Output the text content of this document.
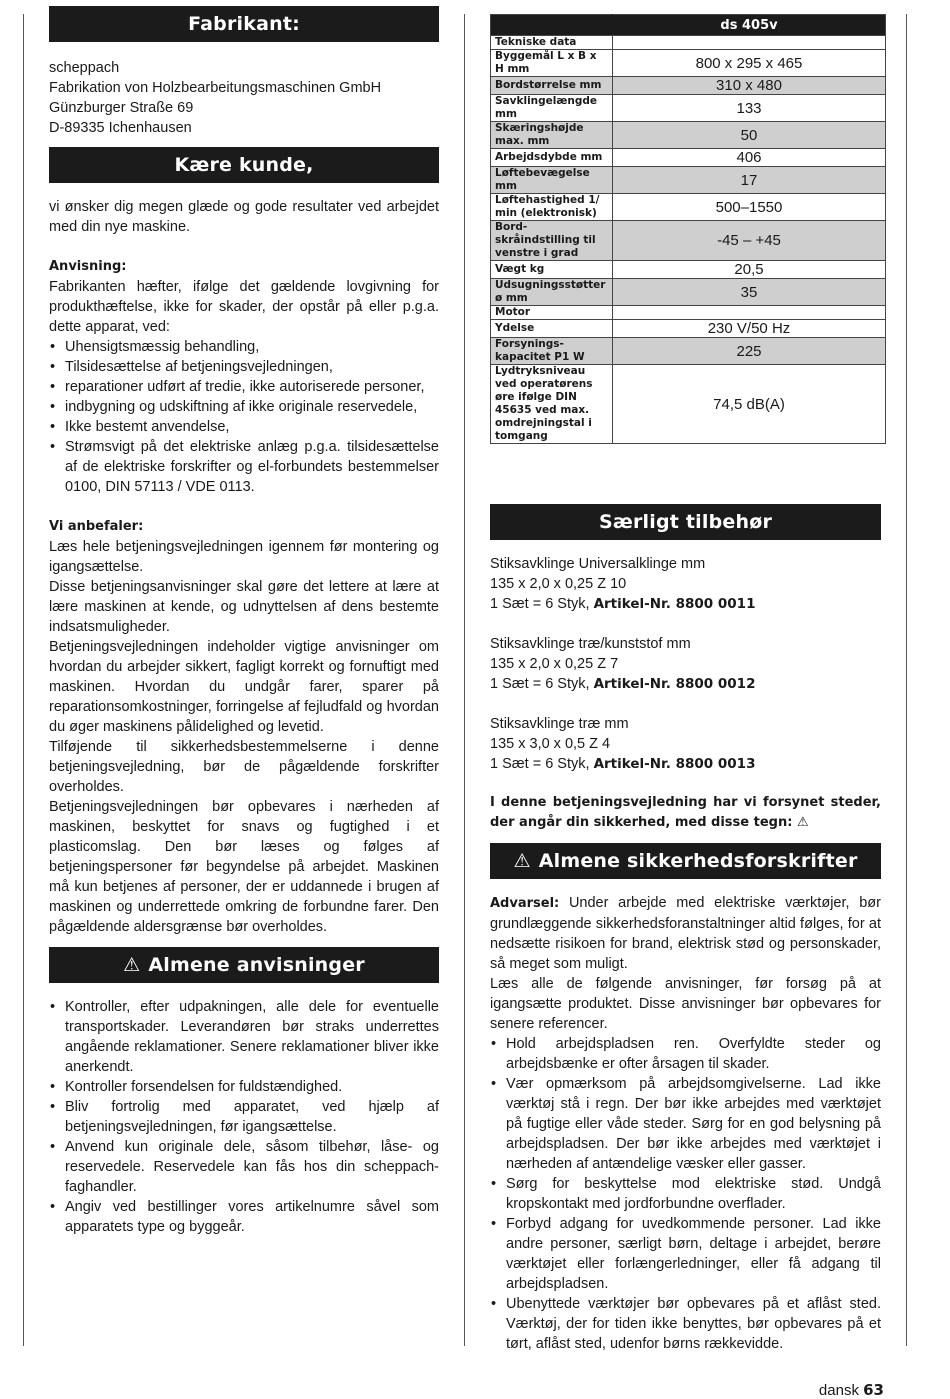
Fabrikant:

scheppach

Fabrikation von Holzbearbeitungsmaschinen GmbH

Günzburger Straße 69

D-89335 Ichenhausen

Kære kunde,

vi ønsker dig megen glæde og gode resultater ved arbejdet med din nye maskine.

Anvisning:

Fabrikanten hæfter, ifølge det gældende lovgivning for produkthæftelse, ikke for skader, der opstår på eller p.g.a. dette apparat, ved:

• Uhensigtsmæssig behandling,
• Tilsidesættelse af betjeningsvejledningen,
• reparationer udført af tredie, ikke autoriserede personer,
• indbygning og udskiftning af ikke originale reservedele,
• Ikke bestemt anvendelse,
• Strømsvigt på det elektriske anlæg p.g.a. tilsidesættelse af de elektriske forskrifter og el-forbundets bestemmelser 0100, DIN 57113 / VDE 0113.
Vi anbefaler:

Læs hele betjeningsvejledningen igennem før montering og igangsættelse.

Disse betjeningsanvisninger skal gøre det lettere at lære at lære maskinen at kende, og udnyttelsen af dens bestemte indsatsmuligheder.

Betjeningsvejledningen indeholder vigtige anvisninger om hvordan du arbejder sikkert, fagligt korrekt og fornuftigt med maskinen. Hvordan du undgår farer, sparer på reparationsomkostninger, forringelse af fejludfald og hvordan du øger maskinens pålidelighed og levetid.

Tilføjende til sikkerhedsbestemmelserne i denne betjeningsvejledning, bør de pågældende forskrifter overholdes.

Betjeningsvejledningen bør opbevares i nærheden af maskinen, beskyttet for snavs og fugtighed i et plasticomslag. Den bør læses og følges af betjeningspersoner før begyndelse på arbejdet. Maskinen må kun betjenes af personer, der er uddannede i brugen af maskinen og underrettede omkring de forbundne farer. Den pågældende aldersgrænse bør overholdes.

⚠ Almene anvisninger
• Kontroller, efter udpakningen, alle dele for eventuelle transportskader. Leverandøren bør straks underrettes angående reklamationer. Senere reklamationer bliver ikke anerkendt.
• Kontroller forsendelsen for fuldstændighed.
• Bliv fortrolig med apparatet, ved hjælp af betjeningsvejledningen, før igangsættelse.
• Anvend kun originale dele, såsom tilbehør, låse- og reservedele. Reservedele kan fås hos din scheppach-faghandler.
• Angiv ved bestillinger vores artikelnumre såvel som apparatets type og byggeår.
	ds 405v
Tekniske data	
Byggemål L x B x H mm	800 x 295 x 465
Bordstørrelse mm	310 x 480
Savklingelængde mm	133
Skæringshøjde max. mm	50
Arbejdsdybde mm	406
Løftebevægelse mm	17
Løftehastighed 1/ min (elektronisk)	500–1550
Bord- skråindstilling til venstre i grad	-45 – +45
Vægt kg	20,5
Udsugningsstøtter ø mm	35
Motor	
Ydelse	230 V/50 Hz
Forsynings- kapacitet P1 W	225
Lydtryksniveau ved operatørens øre ifølge DIN 45635 ved max. omdrejningstal i tomgang	74,5 dB(A)
Særligt tilbehør

Stiksavklinge Universalklinge mm

135 x 2,0 x 0,25 Z 10

1 Sæt = 6 Styk, Artikel-Nr. 8800 0011

Stiksavklinge træ/kunststof mm

135 x 2,0 x 0,25 Z 7

1 Sæt = 6 Styk, Artikel-Nr. 8800 0012

Stiksavklinge træ mm

135 x 3,0 x 0,5 Z 4

1 Sæt = 6 Styk, Artikel-Nr. 8800 0013

I denne betjeningsvejledning har vi forsynet steder, der angår din sikkerhed, med disse tegn: ⚠

⚠ Almene sikkerhedsforskrifter

Advarsel: Under arbejde med elektriske værktøjer, bør grundlæggende sikkerhedsforanstaltninger altid følges, for at nedsætte risikoen for brand, elektrisk stød og personskader, så meget som muligt.

Læs alle de følgende anvisninger, før forsøg på at igangsætte produktet. Disse anvisninger bør opbevares for senere referencer.

• Hold arbejdspladsen ren. Overfyldte steder og arbejdsbænke er ofter årsagen til skader.
• Vær opmærksom på arbejdsomgivelserne. Lad ikke værktøj stå i regn. Der bør ikke arbejdes med værktøjet på fugtige eller våde steder. Sørg for en god belysning på arbejdspladsen. Der bør ikke arbejdes med værktøjet i nærheden af antændelige væsker eller gasser.
• Sørg for beskyttelse mod elektriske stød. Undgå kropskontakt med jordforbundne overflader.
• Forbyd adgang for uvedkommende personer. Lad ikke andre personer, særligt børn, deltage i arbejdet, berøre værktøjet eller forlængerledninger, eller få adgang til arbejdspladsen.
• Ubenyttede værktøjer bør opbevares på et aflåst sted. Værktøj, der for tiden ikke benyttes, bør opbevares på et tørt, aflåst sted, udenfor børns rækkevidde.
dansk 63
